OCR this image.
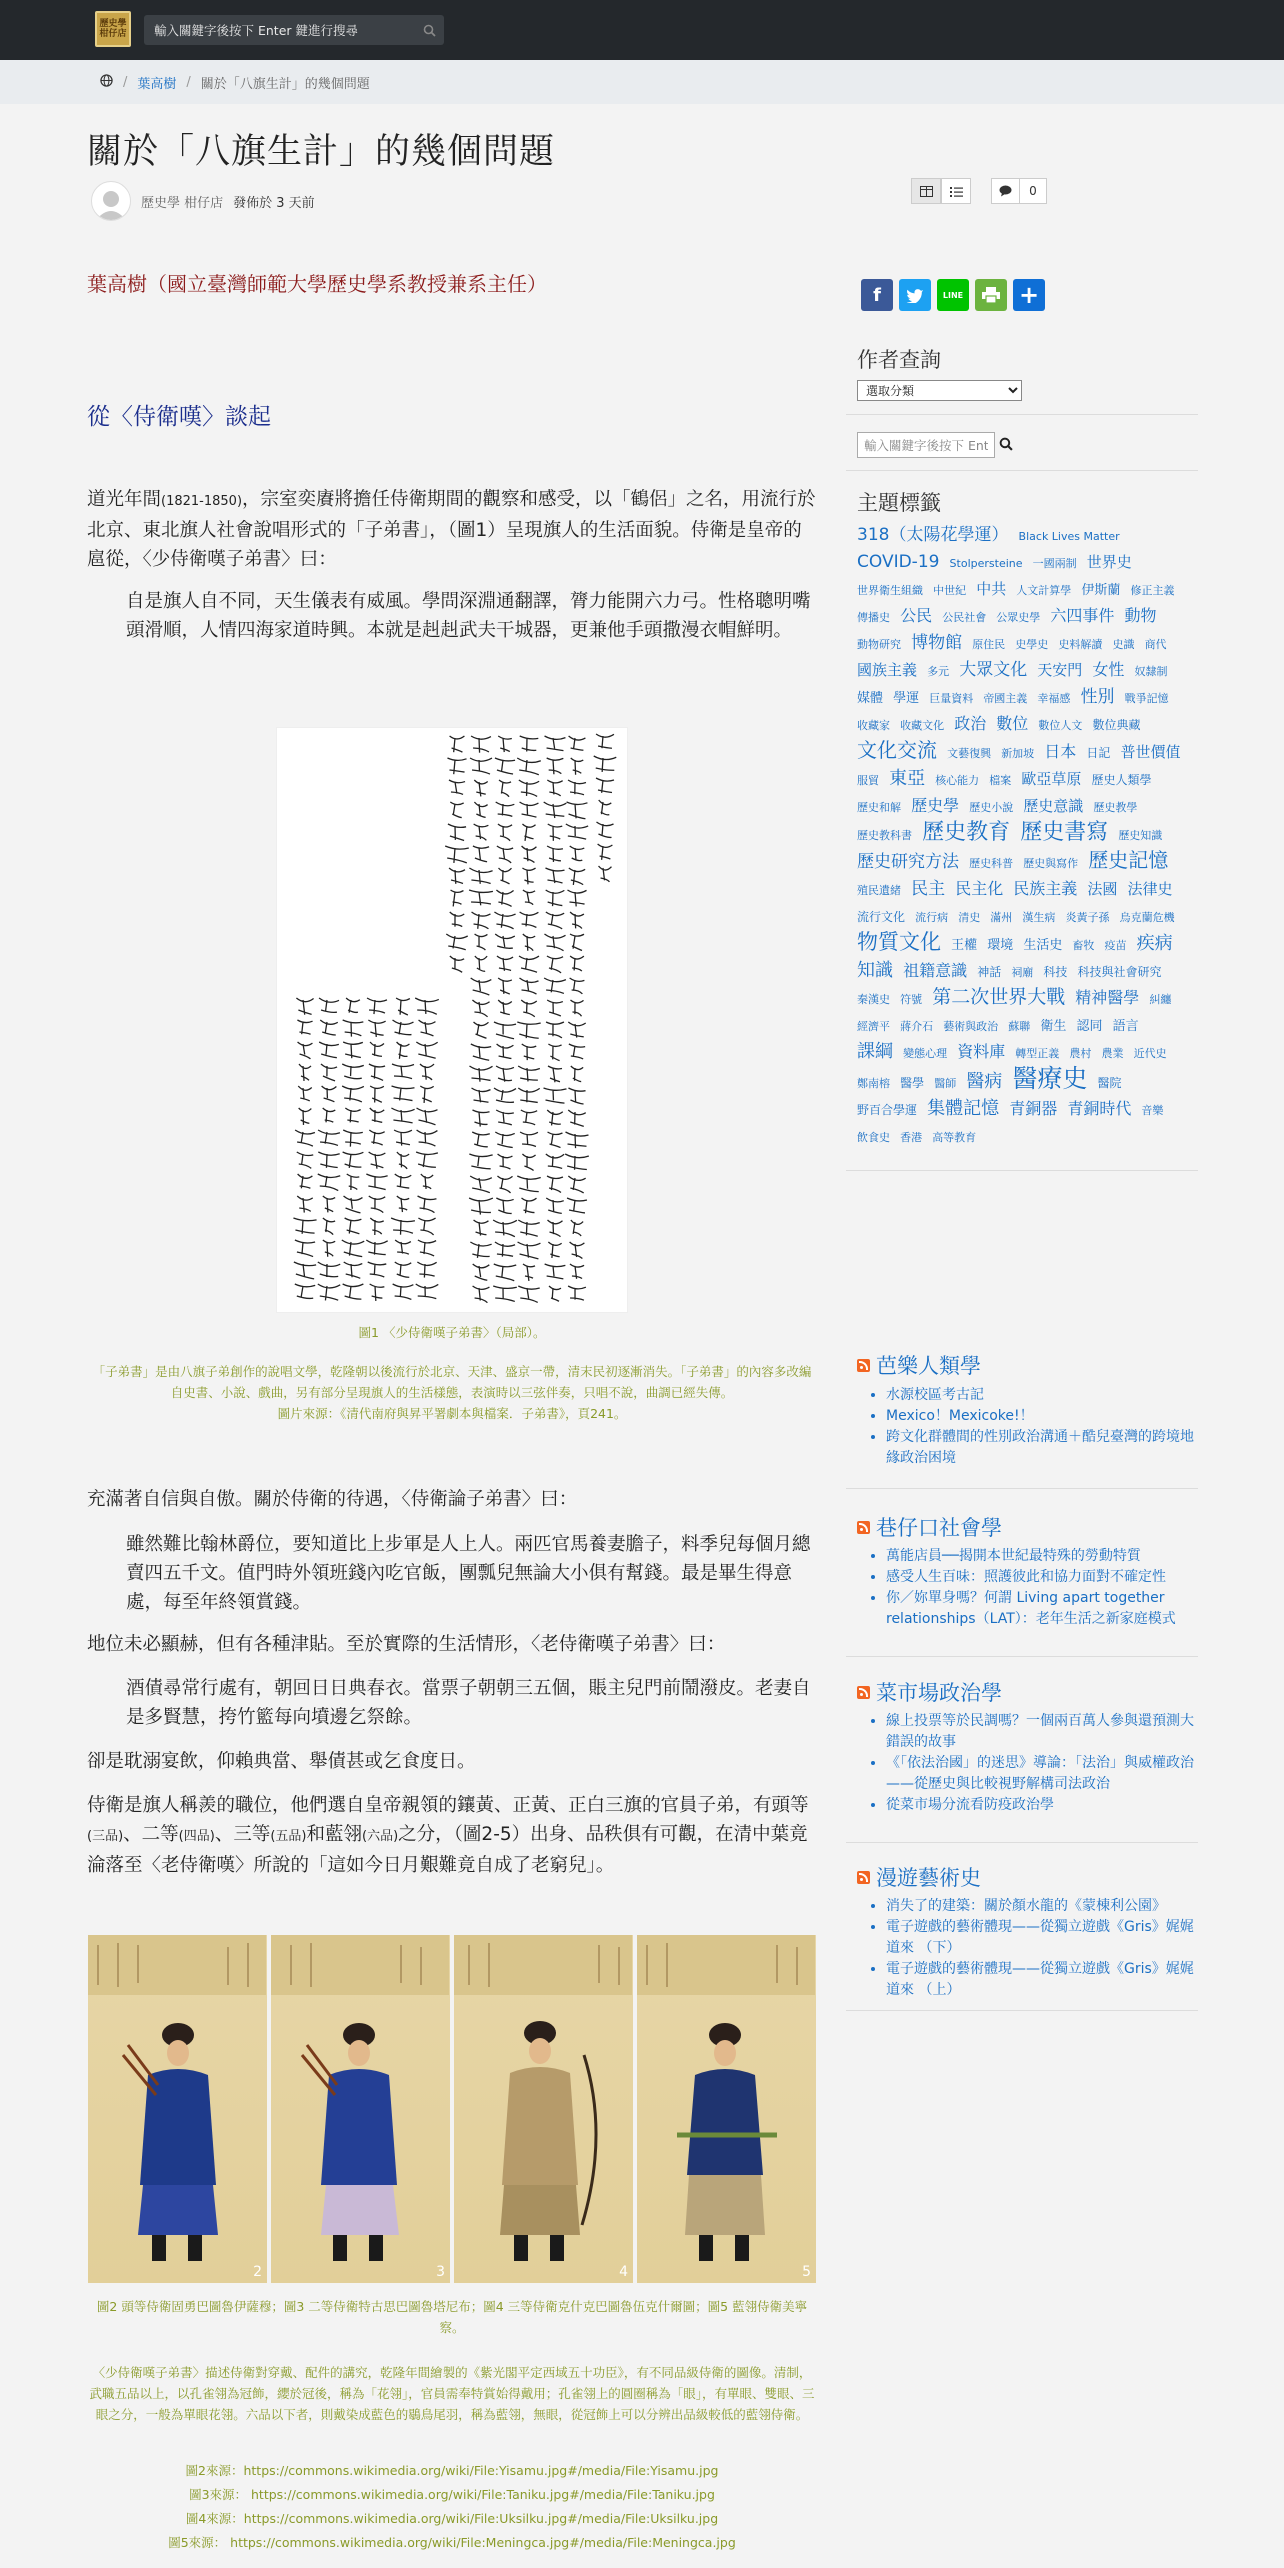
歷史學
柑仔店
輸入關鍵字後按下 Enter 鍵進行搜尋
/ 葉高樹 / 關於「八旗生計」的幾個問題
關於「八旗生計」的幾個問題
歷史學 柑仔店 發佈於 3 天前
0
葉高樹（國立臺灣師範大學歷史學系教授兼系主任）
從〈侍衛嘆〉談起

道光年間(1821-1850)，宗室奕賡將擔任侍衛期間的觀察和感受，以「鶴侶」之名，用流行於北京、東北旗人社會說唱形式的「子弟書」，（圖1）呈現旗人的生活面貌。侍衛是皇帝的扈從，〈少侍衛嘆子弟書〉曰：

自是旗人自不同，天生儀表有威風。學問深淵通翻譯，膂力能開六力弓。性格聰明嘴頭滑順，人情四海家道時興。本就是赳赳武夫干城器，更兼他手頭撒漫衣帽鮮明。

圖1 〈少侍衛嘆子弟書〉（局部）。

「子弟書」是由八旗子弟創作的說唱文學，乾隆朝以後流行於北京、天津、盛京一帶，清末民初逐漸消失。「子弟書」的內容多改編自史書、小說、戲曲，另有部分呈現旗人的生活樣態，表演時以三弦伴奏，只唱不說，曲調已經失傳。

圖片來源：《清代南府與昇平署劇本與檔案．子弟書》，頁241。

充滿著自信與自傲。關於侍衛的待遇，〈侍衛論子弟書〉曰：

雖然難比翰林爵位，要知道比上步軍是人上人。兩匹官馬養妻膽子，料季兒每個月總賣四五千文。值門時外領班錢內吃官飯，團瓢兒無論大小俱有幫錢。最是畢生得意處，每至年終領賞錢。

地位未必顯赫，但有各種津貼。至於實際的生活情形，〈老侍衛嘆子弟書〉曰：

酒債尋常行處有，朝回日日典春衣。當票子朝朝三五個，賬主兒門前鬧潑皮。老妻自是多賢慧，挎竹籃每向墳邊乞祭餘。

卻是耽溺宴飲，仰賴典當、舉債甚或乞食度日。

侍衛是旗人稱羨的職位，他們選自皇帝親領的鑲黃、正黃、正白三旗的官員子弟，有頭等(三品)、二等(四品)、三等(五品)和藍翎(六品)之分，（圖2-5）出身、品秩俱有可觀，在清中葉竟淪落至〈老侍衛嘆〉所說的「這如今日月艱難竟自成了老窮兒」。

2	3	4	5

圖2 頭等侍衛固勇巴圖魯伊薩穆；圖3 二等侍衛特古思巴圖魯塔尼布；圖4 三等侍衛克什克巴圖魯伍克什爾圖；圖5 藍翎侍衛美寧察。

〈少侍衛嘆子弟書〉描述侍衛對穿戴、配件的講究，乾隆年間繪製的《紫光閣平定西域五十功臣》，有不同品級侍衛的圖像。清制，武職五品以上，以孔雀翎為冠飾，纓於冠後，稱為「花翎」，官員需奉特賞始得戴用；孔雀翎上的圓圈稱為「眼」，有單眼、雙眼、三眼之分，一般為單眼花翎。六品以下者，則戴染成藍色的鶡鳥尾羽，稱為藍翎，無眼，從冠飾上可以分辨出品級較低的藍翎侍衛。

圖2來源：https://commons.wikimedia.org/wiki/File:Yisamu.jpg#/media/File:Yisamu.jpg

圖3來源： https://commons.wikimedia.org/wiki/File:Taniku.jpg#/media/File:Taniku.jpg

圖4來源：https://commons.wikimedia.org/wiki/File:Uksilku.jpg#/media/File:Uksilku.jpg

圖5來源： https://commons.wikimedia.org/wiki/File:Meningca.jpg#/media/File:Meningca.jpg

f	LINE +
作者查詢
選取分類
輸入關鍵字後按下 Enter
主題標籤
318（太陽花學運） Black Lives Matter COVID-19 Stolpersteine 一國兩制 世界史 世界衛生組織 中世紀 中共 人文計算學 伊斯蘭 修正主義 傳播史 公民 公民社會 公眾史學 六四事件 動物 動物研究 博物館 原住民 史學史 史料解讀 史識 商代 國族主義 多元 大眾文化 天安門 女性 奴隸制 媒體 學運 巨量資料 帝國主義 幸福感 性別 戰爭記憶 收藏家 收藏文化 政治 數位 數位人文 數位典藏 文化交流 文藝復興 新加坡 日本 日記 普世價值 服貿 東亞 核心能力 檔案 歐亞草原 歷史人類學 歷史和解 歷史學 歷史小說 歷史意識 歷史教學 歷史教科書 歷史教育 歷史書寫 歷史知識 歷史研究方法 歷史科普 歷史與寫作 歷史記憶 殖民遺緒 民主 民主化 民族主義 法國 法律史 流行文化 流行病 清史 滿州 漢生病 炎黃子孫 烏克蘭危機 物質文化 王權 環境 生活史 畜牧 疫苗 疾病 知識 祖籍意識 神話 祠廟 科技 科技與社會研究 秦漢史 符號 第二次世界大戰 精神醫學 糾纏 經濟平 蔣介石 藝術與政治 蘇聯 衛生 認同 語言 課綱 變態心理 資料庫 轉型正義 農村 農業 近代史 鄭南榕 醫學 醫師 醫病 醫療史 醫院 野百合學運 集體記憶 青銅器 青銅時代 音樂 飲食史 香港 高等教育
芭樂人類學
• 水源校區考古記
• Mexico！Mexicoke!！
• 跨文化群體間的性別政治溝通＋酷兒臺灣的跨境地緣政治困境
巷仔口社會學
• 萬能店員──揭開本世紀最特殊的勞動特質
• 感受人生百味：照護彼此和協力面對不確定性
• 你／妳單身嗎？何謂 Living apart together relationships（LAT）：老年生活之新家庭模式
菜市場政治學
• 線上投票等於民調嗎？一個兩百萬人參與還預測大錯誤的故事
• 《「依法治國」的迷思》導論：「法治」與威權政治　——從歷史與比較視野解構司法政治
• 從菜市場分流看防疫政治學
漫遊藝術史
• 消失了的建築：關於顏水龍的《蒙棟利公園》
• 電子遊戲的藝術體現——從獨立遊戲《Gris》娓娓道來 （下）
• 電子遊戲的藝術體現——從獨立遊戲《Gris》娓娓道來 （上）
